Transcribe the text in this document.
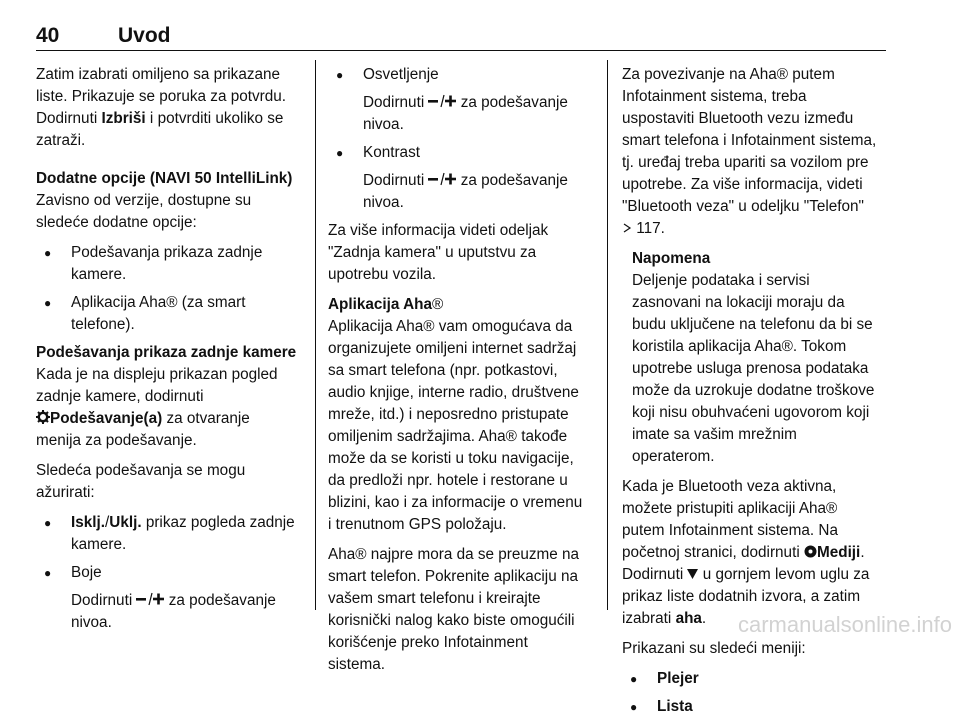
40	Uvod

Zatim izabrati omiljeno sa prikazane
liste. Prikazuje se poruka za potvrdu.
Dodirnuti Izbriši i potvrditi ukoliko se
zatraži.

Dodatne opcije (NAVI 50 IntelliLink)

Zavisno od verzije, dostupne su
sledeće dodatne opcije:

● Podešavanja prikaza zadnje
kamere.
● Aplikacija Aha® (za smart
telefone).

Podešavanja prikaza zadnje kamere

Kada je na displeju prikazan pogled
zadnje kamere, dodirnuti
Podešavanje(a) za otvaranje
menija za podešavanje.

Sledeća podešavanja se mogu
ažurirati:

● Isklj./Uklj. prikaz pogleda zadnje
kamere.
● Boje
Dodirnuti  za podešavanje
nivoa.
● Osvetljenje
Dodirnuti  za podešavanje
nivoa.
● Kontrast
Dodirnuti  za podešavanje
nivoa.

Za više informacija videti odeljak
"Zadnja kamera" u uputstvu za
upotrebu vozila.

Aplikacija Aha®

Aplikacija Aha® vam omogućava da
organizujete omiljeni internet sadržaj
sa smart telefona (npr. potkastovi,
audio knjige, interne radio, društvene
mreže, itd.) i neposredno pristupate
omiljenim sadržajima. Aha® takođe
može da se koristi u toku navigacije,
da predloži npr. hotele i restorane u
blizini, kao i za informacije o vremenu
i trenutnom GPS položaju.

Aha® najpre mora da se preuzme na
smart telefon. Pokrenite aplikaciju na
vašem smart telefonu i kreirajte
korisnički nalog kako biste omogućili
korišćenje preko Infotainment
sistema.

Za povezivanje na Aha® putem
Infotainment sistema, treba
uspostaviti Bluetooth vezu između
smart telefona i Infotainment sistema,
tj. uređaj treba upariti sa vozilom pre
upotrebe. Za više informacija, videti
"Bluetooth veza" u odeljku "Telefon"
117.

Napomena
Deljenje podataka i servisi
zasnovani na lokaciji moraju da
budu uključene na telefonu da bi se
koristila aplikacija Aha®. Tokom
upotrebe usluga prenosa podataka
može da uzrokuje dodatne troškove
koji nisu obuhvaćeni ugovorom koji
imate sa vašim mrežnim
operaterom.

Kada je Bluetooth veza aktivna,
možete pristupiti aplikaciji Aha®
putem Infotainment sistema. Na
početnoj stranici, dodirnuti Mediji.
Dodirnuti  u gornjem levom uglu za
prikaz liste dodatnih izvora, a zatim
izabrati aha.

Prikazani su sledeći meniji:

● Plejer
● Lista
carmanualsonline.info
